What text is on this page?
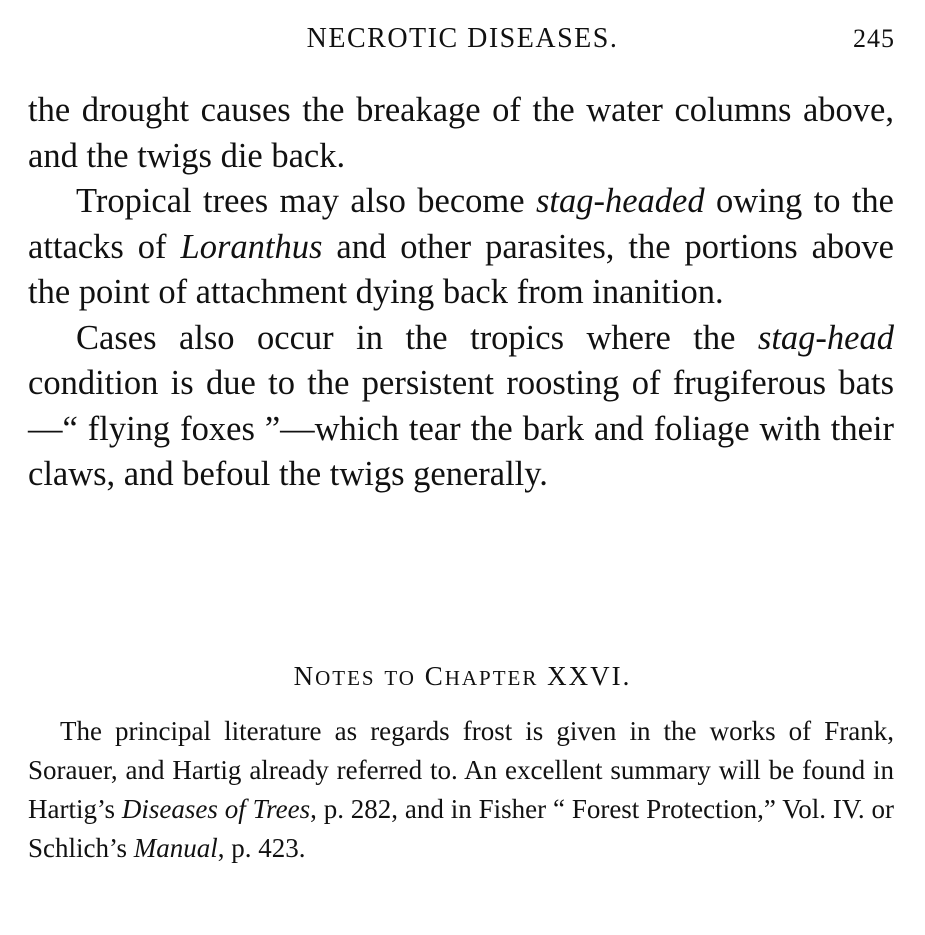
NECROTIC DISEASES.	245

the drought causes the breakage of the water columns above, and the twigs die back.

Tropical trees may also become stag-headed owing to the attacks of Loranthus and other parasites, the portions above the point of attachment dying back from inanition.

Cases also occur in the tropics where the stag-head condition is due to the persistent roosting of frugiferous bats—“ flying foxes ”—which tear the bark and foliage with their claws, and befoul the twigs generally.

NOTES TO CHAPTER XXVI.

The principal literature as regards frost is given in the works of Frank, Sorauer, and Hartig already referred to. An excellent summary will be found in Hartig’s Diseases of Trees, p. 282, and in Fisher “ Forest Protection,” Vol. IV. or Schlich’s Manual, p. 423.
